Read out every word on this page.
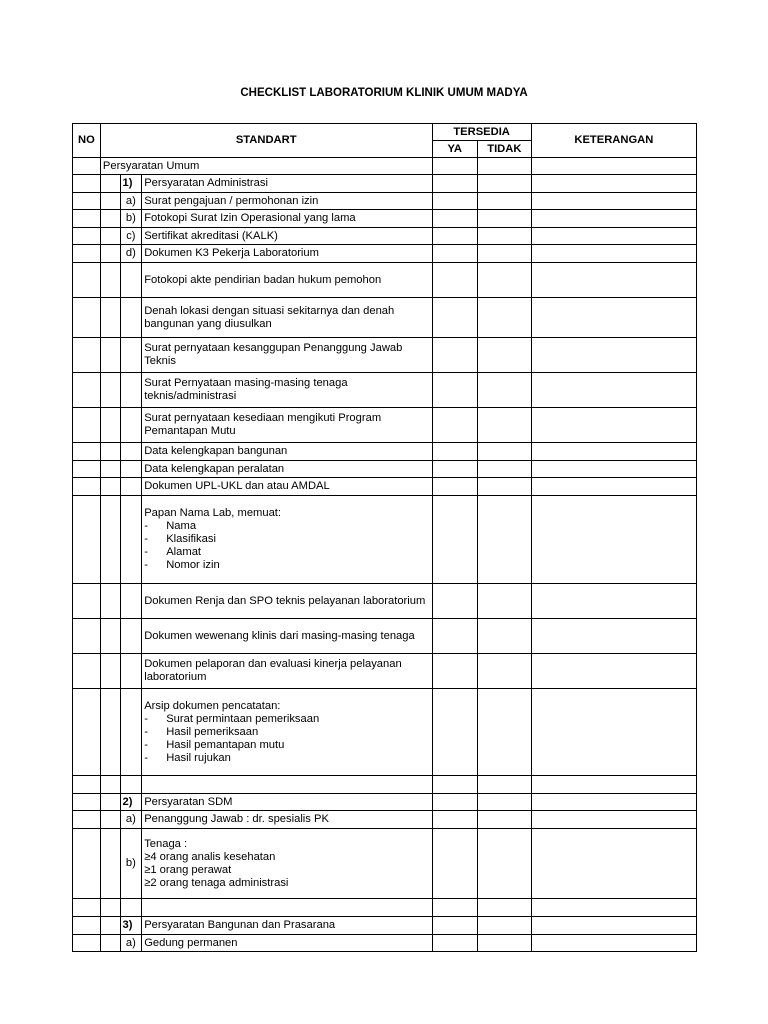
CHECKLIST LABORATORIUM KLINIK UMUM MADYA
NO	STANDART			TERSEDIA		KETERANGAN
				YA	TIDAK	
	Persyaratan Umum					
		1)	Persyaratan Administrasi			
		a)	Surat pengajuan / permohonan izin			
		b)	Fotokopi Surat Izin Operasional yang lama			
		c)	Sertifikat akreditasi (KALK)			
		d)	Dokumen K3 Pekerja Laboratorium			
			Fotokopi akte pendirian badan hukum pemohon			
			Denah lokasi dengan situasi sekitarnya dan denah bangunan yang diusulkan			
			Surat pernyataan kesanggupan Penanggung Jawab Teknis			
			Surat Pernyataan masing-masing tenaga teknis/administrasi			
			Surat pernyataan kesediaan mengikuti Program Pemantapan Mutu			
			Data kelengkapan bangunan			
			Data kelengkapan peralatan			
			Dokumen UPL-UKL dan atau AMDAL			

			Papan Nama Lab, memuat:
- Nama
- Klasifikasi
- Alamat
- Nomor izin			

			Dokumen Renja dan SPO teknis pelayanan laboratorium			
			Dokumen wewenang klinis dari masing-masing tenaga			
			Dokumen pelaporan dan evaluasi kinerja pelayanan laboratorium			

			Arsip dokumen pencatatan:
- Surat permintaan pemeriksaan
- Hasil pemeriksaan
- Hasil pemantapan mutu
- Hasil rujukan			

		2)	Persyaratan SDM			
		a)	Penanggung Jawab : dr. spesialis PK			
		b)	Tenaga :
≥4 orang analis kesehatan
≥1 orang perawat
≥2 orang tenaga administrasi			

		3)	Persyaratan Bangunan dan Prasarana			
		a)	Gedung permanen			
